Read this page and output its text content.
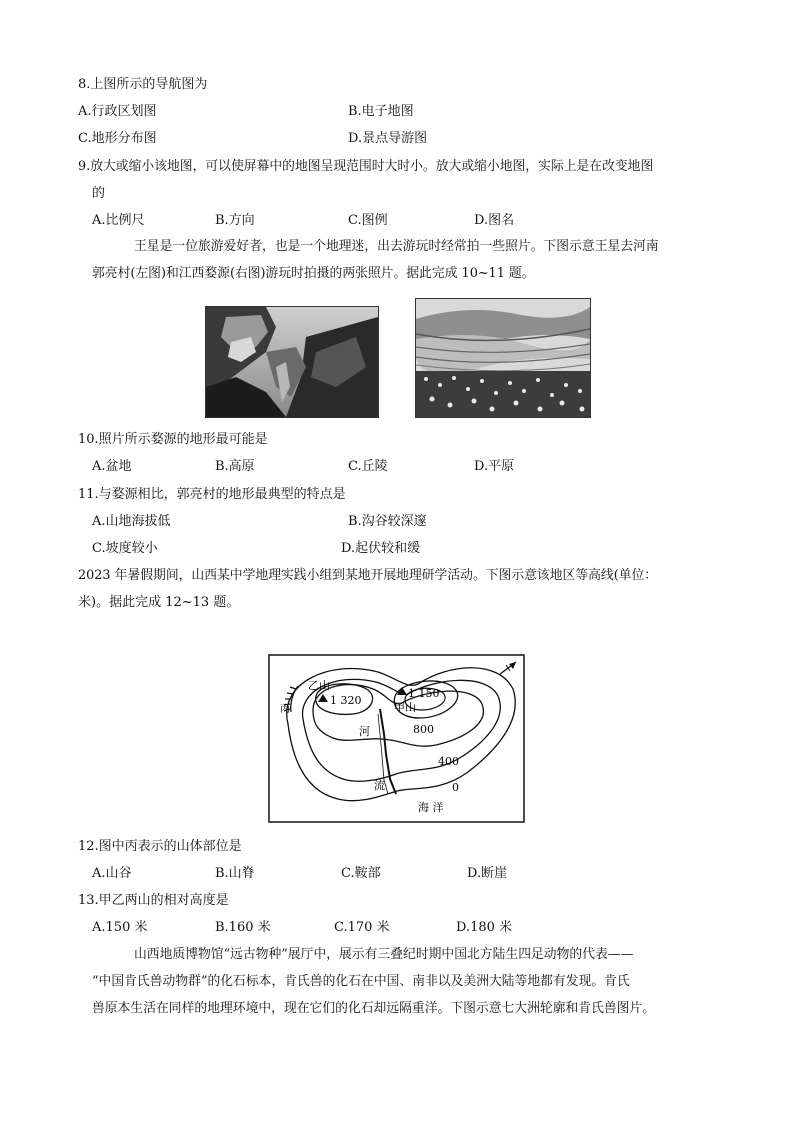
8.上图所示的导航图为
A.行政区划图	B.电子地图
C.地形分布图	D.景点导游图
9.放大或缩小该地图，可以使屏幕中的地图呈现范围时大时小。放大或缩小地图，实际上是在改变地图
的
A.比例尺	B.方向	C.图例	D.图名
王星是一位旅游爱好者，也是一个地理迷，出去游玩时经常拍一些照片。下图示意王星去河南
郭亮村(左图)和江西婺源(右图)游玩时拍摄的两张照片。据此完成 10~11 题。
10.照片所示婺源的地形最可能是
A.盆地	B.高原	C.丘陵	D.平原
11.与婺源相比，郭亮村的地形最典型的特点是
A.山地海拔低	B.沟谷较深邃
C.坡度较小	D.起伏较和缓
2023 年暑假期间，山西某中学地理实践小组到某地开展地理研学活动。下图示意该地区等高线(单位：
米)。据此完成 12~13 题。
乙山
1 320
1 150
甲山
丙
河
流
800
400
0
海 洋
12.图中丙表示的山体部位是
A.山谷	B.山脊	C.鞍部	D.断崖
13.甲乙两山的相对高度是
A.150 米	B.160 米	C.170 米	D.180 米
山西地质博物馆“远古物种”展厅中，展示有三叠纪时期中国北方陆生四足动物的代表——
“中国肯氏兽动物群”的化石标本，肯氏兽的化石在中国、南非以及美洲大陆等地都有发现。肯氏
兽原本生活在同样的地理环境中，现在它们的化石却远隔重洋。下图示意七大洲轮廓和肯氏兽图片。
